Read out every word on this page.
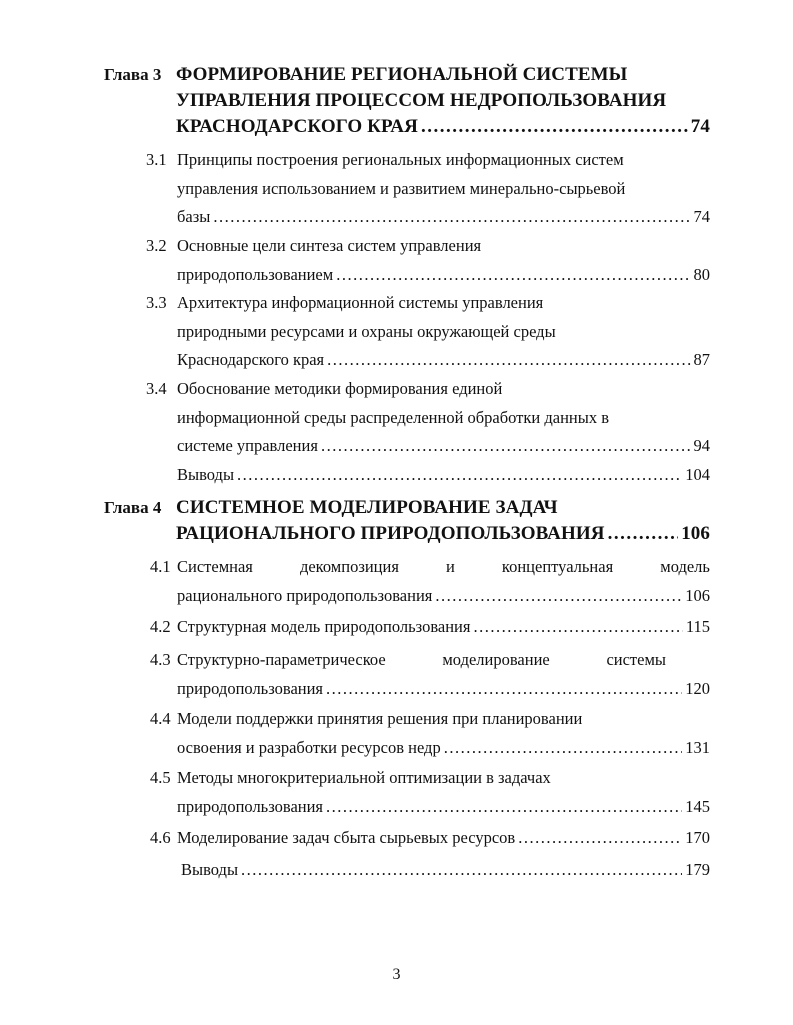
Глава 3 ФОРМИРОВАНИЕ РЕГИОНАЛЬНОЙ СИСТЕМЫ
УПРАВЛЕНИЯ ПРОЦЕССОМ НЕДРОПОЛЬЗОВАНИЯ
КРАСНОДАРСКОГО КРАЯ .....	74
3.1 Принципы построения региональных информационных систем
управления использованием и развитием минерально-сырьевой
базы .....	74
3.2 Основные цели синтеза систем управления
природопользованием .....	80
3.3 Архитектура информационной системы управления
природными ресурсами и охраны окружающей среды
Краснодарского края .....	87
3.4 Обоснование методики формирования единой
информационной среды распределенной обработки данных в
системе управления .....	94
Выводы .....	104
Глава 4 СИСТЕМНОЕ МОДЕЛИРОВАНИЕ ЗАДАЧ
РАЦИОНАЛЬНОГО ПРИРОДОПОЛЬЗОВАНИЯ .....	106
4.1 Системная	декомпозиция	и	концептуальная	модель
рационального природопользования .....	106
4.2 Структурная модель природопользования .....	115
4.3 Структурно-параметрическое	моделирование	системы
природопользования .....	120
4.4 Модели поддержки принятия решения при планировании
освоения и разработки ресурсов недр .....	131
4.5 Методы многокритериальной оптимизации в задачах
природопользования .....	145
4.6 Моделирование задач сбыта сырьевых ресурсов .....	170
Выводы .....	179
3
